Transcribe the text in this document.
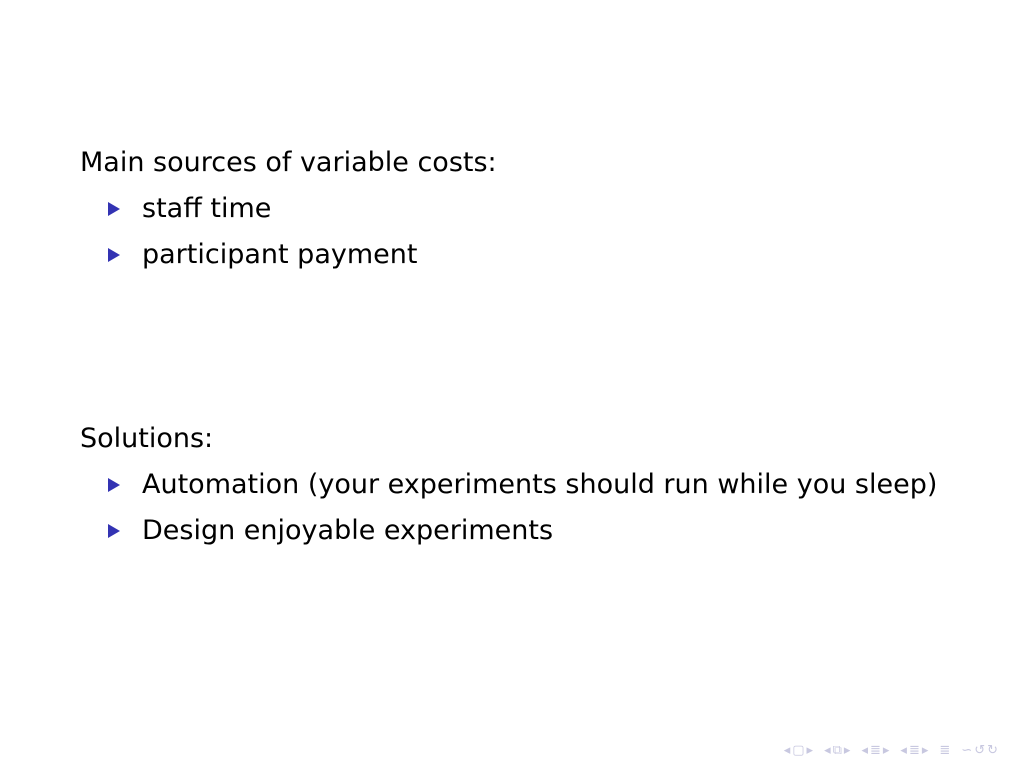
Main sources of variable costs:

staff time
participant payment

Solutions:

Automation (your experiments should run while you sleep)
Design enjoyable experiments
◂ ▢ ▸ ◂ ⧉ ▸ ◂ ≣ ▸ ◂ ≣ ▸ ≣ ∽ ↺ ↻
